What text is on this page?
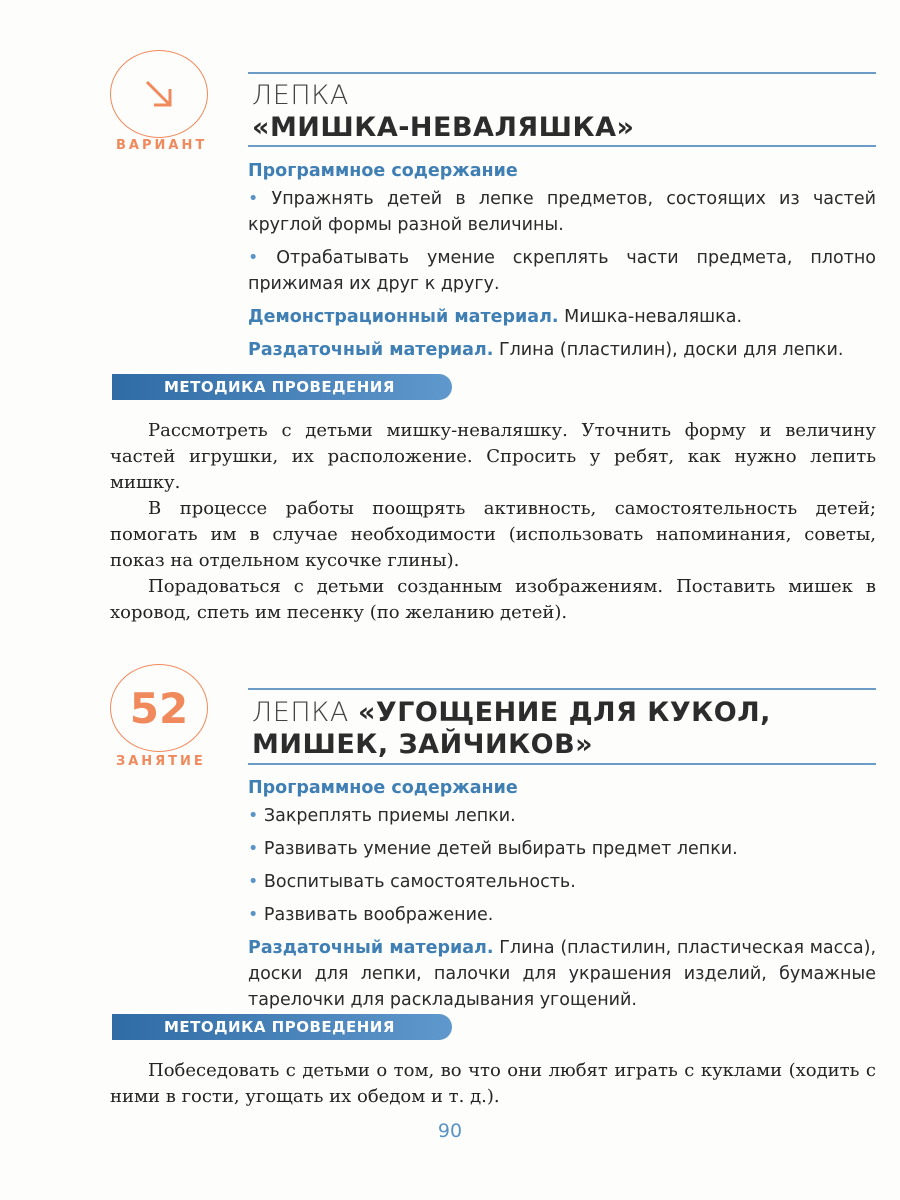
ВАРИАНТ
ЛЕПКА
«МИШКА-НЕВАЛЯШКА»

Программное содержание

• Упражнять детей в лепке предметов, состоящих из частей круглой формы разной величины.

• Отрабатывать умение скреплять части предмета, плотно прижимая их друг к другу.

Демонстрационный материал. Мишка-неваляшка.

Раздаточный материал. Глина (пластилин), доски для лепки.

МЕТОДИКА ПРОВЕДЕНИЯ

Рассмотреть с детьми мишку-неваляшку. Уточнить форму и величину частей игрушки, их расположение. Спросить у ребят, как нужно лепить мишку.

В процессе работы поощрять активность, самостоятельность детей; помогать им в случае необходимости (использовать напоминания, советы, показ на отдельном кусочке глины).

Порадоваться с детьми созданным изображениям. Поставить мишек в хоровод, спеть им песенку (по желанию детей).

52
ЗАНЯТИЕ
ЛЕПКА «УГОЩЕНИЕ ДЛЯ КУКОЛ,
МИШЕК, ЗАЙЧИКОВ»

Программное содержание

• Закреплять приемы лепки.

• Развивать умение детей выбирать предмет лепки.

• Воспитывать самостоятельность.

• Развивать воображение.

Раздаточный материал. Глина (пластилин, пластическая масса), доски для лепки, палочки для украшения изделий, бумажные тарелочки для раскладывания угощений.

МЕТОДИКА ПРОВЕДЕНИЯ

Побеседовать с детьми о том, во что они любят играть с куклами (ходить с ними в гости, угощать их обедом и т. д.).

90
